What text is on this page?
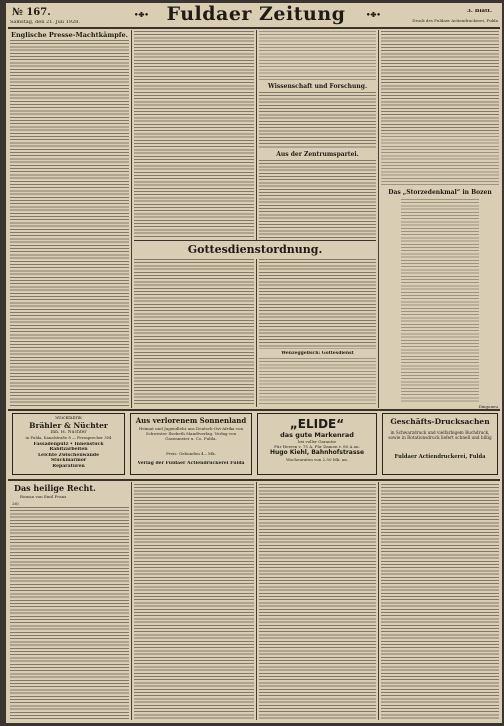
№ 167.
Samstag, den 21. Juli 1928.	Fuldaer Zeitung	3. Blatt.
Druck des Fuldaer Actiendruckerei, Fulda
•✤•	•✤•
Englische Presse-Machtkämpfe.
Wissenschaft und Forschung.
Aus der Zentrumspartei.
Das „Storzedenkmal“ in Bozen
Dingoneu
Gottesdienstordnung.
Wenzeggelisch: Gottesdienst
Stuckfabrik
Brähler & Nüchter
Inh. H. Nüchter
in Fulda, Kanalstraße 8 — Fernsprecher 304
Fassadenputz • Innenstuck
Rabitzarbeiten
Leichte Zwischenwände
Stuckmarmor
Reparaturen
Aus verlorenem Sonnenland
Heimat und Jugendlehr aus Deutsch-Ost-Afrika von Schwester Ilsebeth Mandtverlag. Verlag von Gasenmeier u. Co. Fulda.
Preis: Gebunden 4.– Mk.
Verlag der Fuldaer Actiendruckerei Fulda
„ELIDE“
das gute Markenrad
bei voller Garantie
Für Herren v. 75 A. Für Damen v. 80 A an.
Hugo Kiehl, Bahnhofstrasse
Wochenraten von 2.50 Mk. an.
Geschäfts-Drucksachen
in Schwarzdruck und vielfarbigem Buchdruck, sowie in Rotationsdruck liefert schnell und billig
Fuldaer Actiendruckerei, Fulda
Das heilige Recht.
Roman von Emil Franz
26)
